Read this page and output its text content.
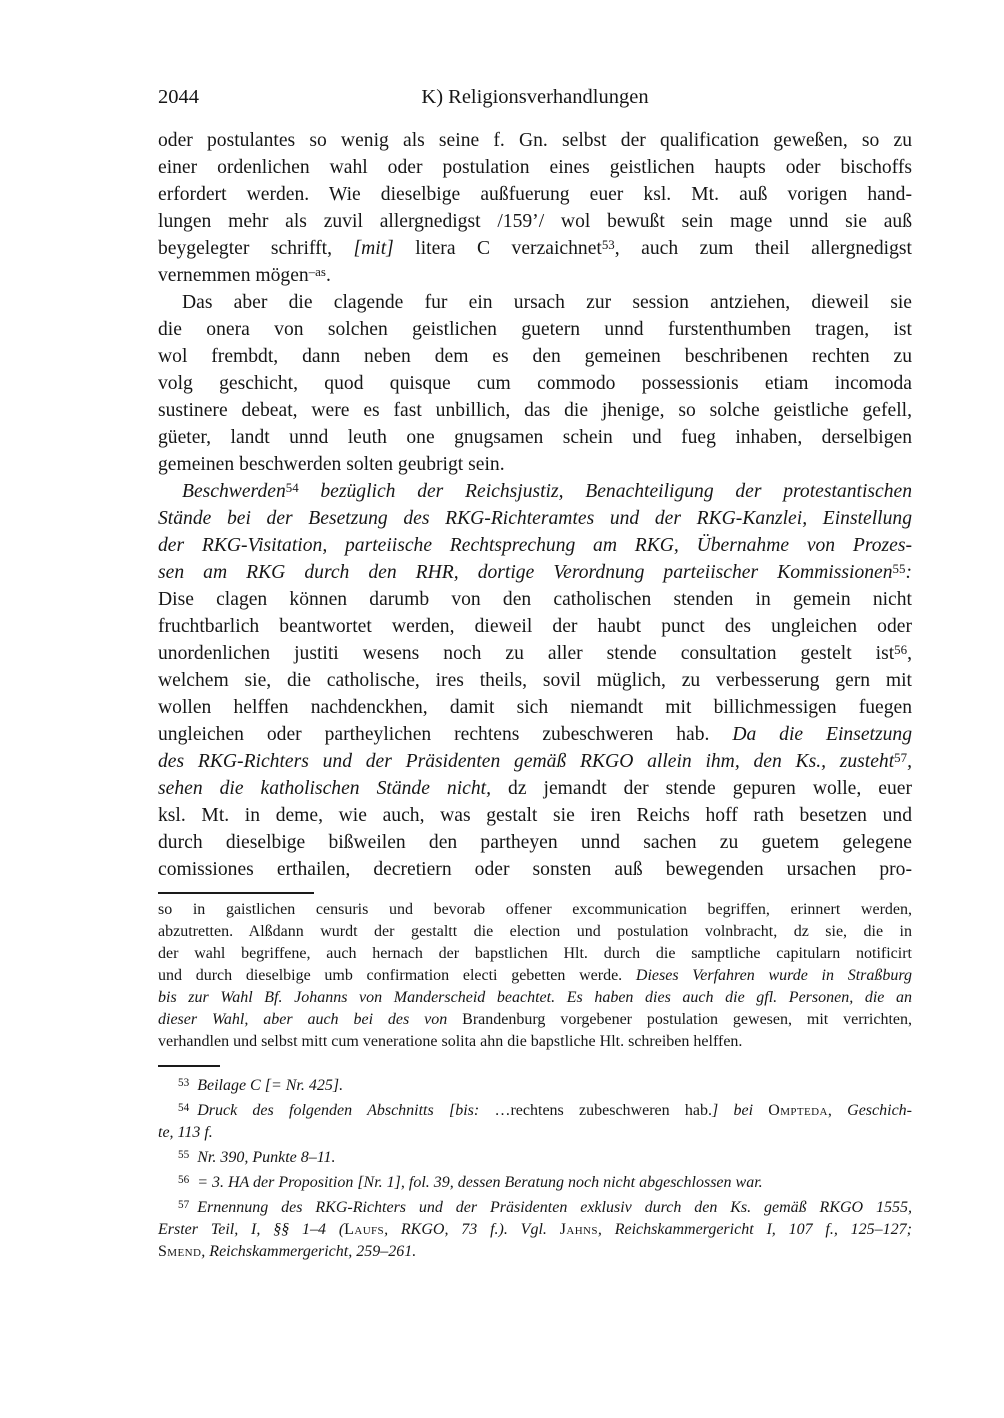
2044	K) Religionsverhandlungen
oder postulantes so wenig als seine f. Gn. selbst der qualification geweßen, so zu
einer ordenlichen wahl oder postulation eines geistlichen haupts oder bischoffs
erfordert werden. Wie dieselbige außfuerung euer ksl. Mt. auß vorigen hand-
lungen mehr als zuvil allergnedigst /159’/ wol bewußt sein mage unnd sie auß
beygelegter schrifft, [mit] litera C verzaichnet$^{53}$, auch zum theil allergnedigst
vernemmen mögen$^{-as}$.
Das aber die clagende fur ein ursach zur session antziehen, dieweil sie
die onera von solchen geistlichen guetern unnd furstenthumben tragen, ist
wol frembdt, dann neben dem es den gemeinen beschribenen rechten zu
volg geschicht, quod quisque cum commodo possessionis etiam incomoda
sustinere debeat, were es fast unbillich, das die jhenige, so solche geistliche gefell,
güeter, landt unnd leuth one gnugsamen schein und fueg inhaben, derselbigen
gemeinen beschwerden solten geubrigt sein.
Beschwerden$^{54}$ bezüglich der Reichsjustiz, Benachteiligung der protestantischen
Stände bei der Besetzung des RKG-Richteramtes und der RKG-Kanzlei, Einstellung
der RKG-Visitation, parteiische Rechtsprechung am RKG, Übernahme von Prozes-
sen am RKG durch den RHR, dortige Verordnung parteiischer Kommissionen$^{55}$:
Dise clagen können darumb von den catholischen stenden in gemein nicht
fruchtbarlich beantwortet werden, dieweil der haubt punct des ungleichen oder
unordenlichen justiti wesens noch zu aller stende consultation gestelt ist$^{56}$,
welchem sie, die catholische, ires theils, sovil müglich, zu verbesserung gern mit
wollen helffen nachdenckhen, damit sich niemandt mit billichmessigen fuegen
ungleichen oder partheylichen rechtens zubeschweren hab. Da die Einsetzung
des RKG-Richters und der Präsidenten gemäß RKGO allein ihm, den Ks., zusteht$^{57}$,
sehen die katholischen Stände nicht, dz jemandt der stende gepuren wolle, euer
ksl. Mt. in deme, wie auch, was gestalt sie iren Reichs hoff rath besetzen und
durch dieselbige bißweilen den partheyen unnd sachen zu guetem gelegene
comissiones erthailen, decretiern oder sonsten auß bewegenden ursachen pro-
so in gaistlichen censuris und bevorab offener excommunication begriffen, erinnert werden,
abzutretten. Alßdann wurdt der gestaltt die election und postulation volnbracht, dz sie, die in
der wahl begriffene, auch hernach der bapstlichen Hlt. durch die samptliche capitularn notificirt
und durch dieselbige umb confirmation electi gebetten werde. Dieses Verfahren wurde in Straßburg
bis zur Wahl Bf. Johanns von Manderscheid beachtet. Es haben dies auch die gfl. Personen, die an
dieser Wahl, aber auch bei des von Brandenburg vorgebener postulation gewesen, mit verrichten,
verhandlen und selbst mitt cum veneratione solita ahn die bapstliche Hlt. schreiben helffen.
$^{53}$ Beilage C [= Nr. 425].
$^{54}$ Druck des folgenden Abschnitts [bis: …rechtens zubeschweren hab.] bei Ompteda, Geschich-
te, 113 f.
$^{55}$ Nr. 390, Punkte 8–11.
$^{56}$ = 3. HA der Proposition [Nr. 1], fol. 39, dessen Beratung noch nicht abgeschlossen war.
$^{57}$ Ernennung des RKG-Richters und der Präsidenten exklusiv durch den Ks. gemäß RKGO 1555,
Erster Teil, I, §§ 1–4 (Laufs, RKGO, 73 f.). Vgl. Jahns, Reichskammergericht I, 107 f., 125–127;
Smend, Reichskammergericht, 259–261.
